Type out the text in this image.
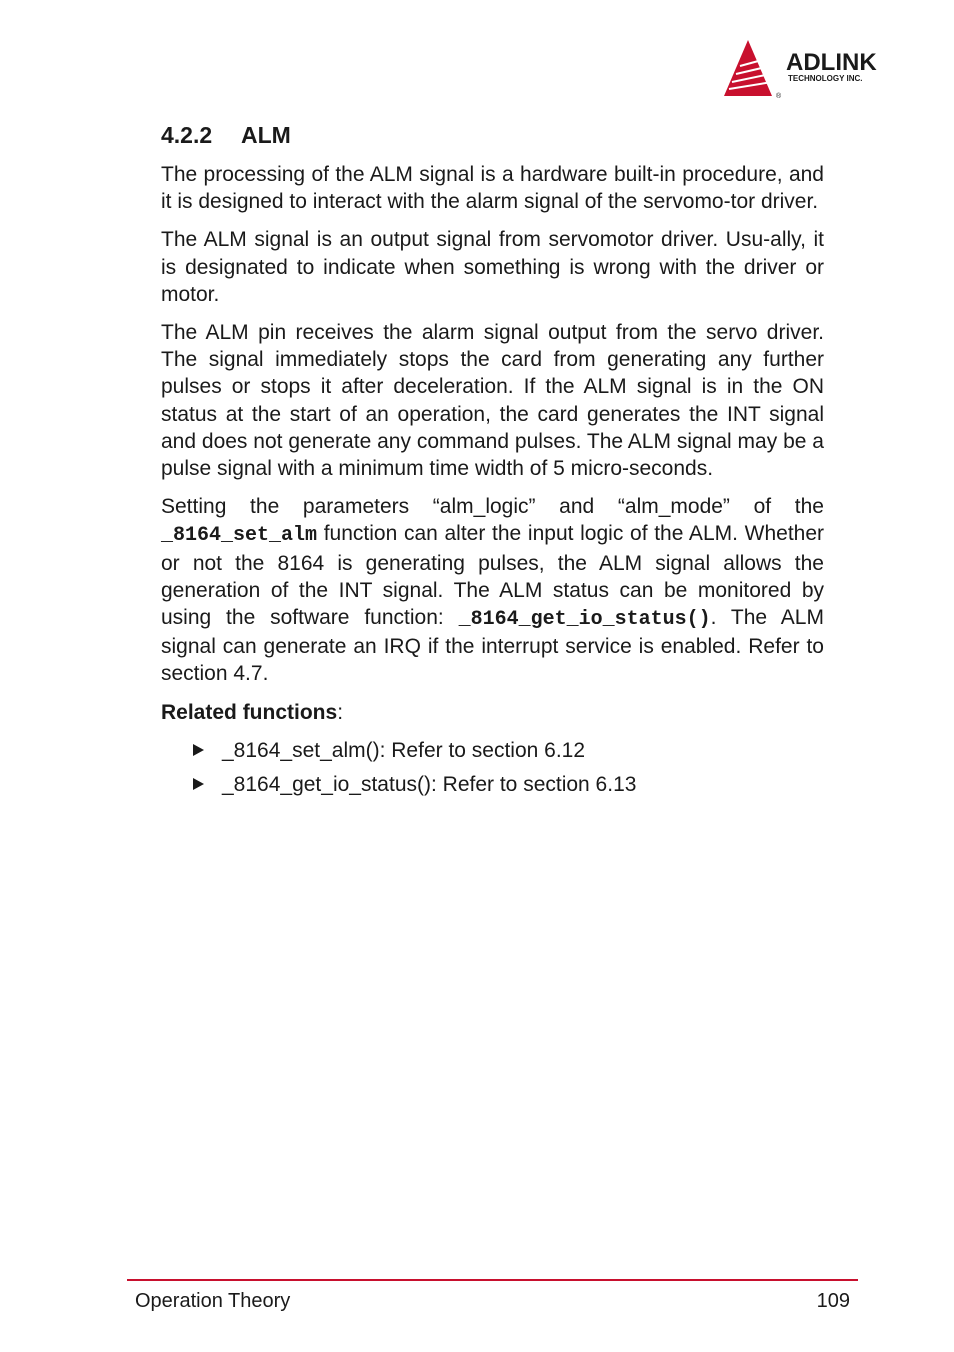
ADLINK
TECHNOLOGY INC.
®
4.2.2 ALM

The processing of the ALM signal is a hardware built-in procedure, and it is designed to interact with the alarm signal of the servomo-tor driver.

The ALM signal is an output signal from servomotor driver. Usu-ally, it is designated to indicate when something is wrong with the driver or motor.

The ALM pin receives the alarm signal output from the servo driver. The signal immediately stops the card from generating any further pulses or stops it after deceleration. If the ALM signal is in the ON status at the start of an operation, the card generates the INT signal and does not generate any command pulses. The ALM signal may be a pulse signal with a minimum time width of 5 micro-seconds.

Setting the parameters “alm_logic” and “alm_mode” of the _8164_set_alm function can alter the input logic of the ALM. Whether or not the 8164 is generating pulses, the ALM signal allows the generation of the INT signal. The ALM status can be monitored by using the software function: _8164_get_io_status(). The ALM signal can generate an IRQ if the interrupt service is enabled. Refer to section 4.7.

Related functions:

_8164_set_alm(): Refer to section 6.12
_8164_get_io_status(): Refer to section 6.13
Operation Theory	109
